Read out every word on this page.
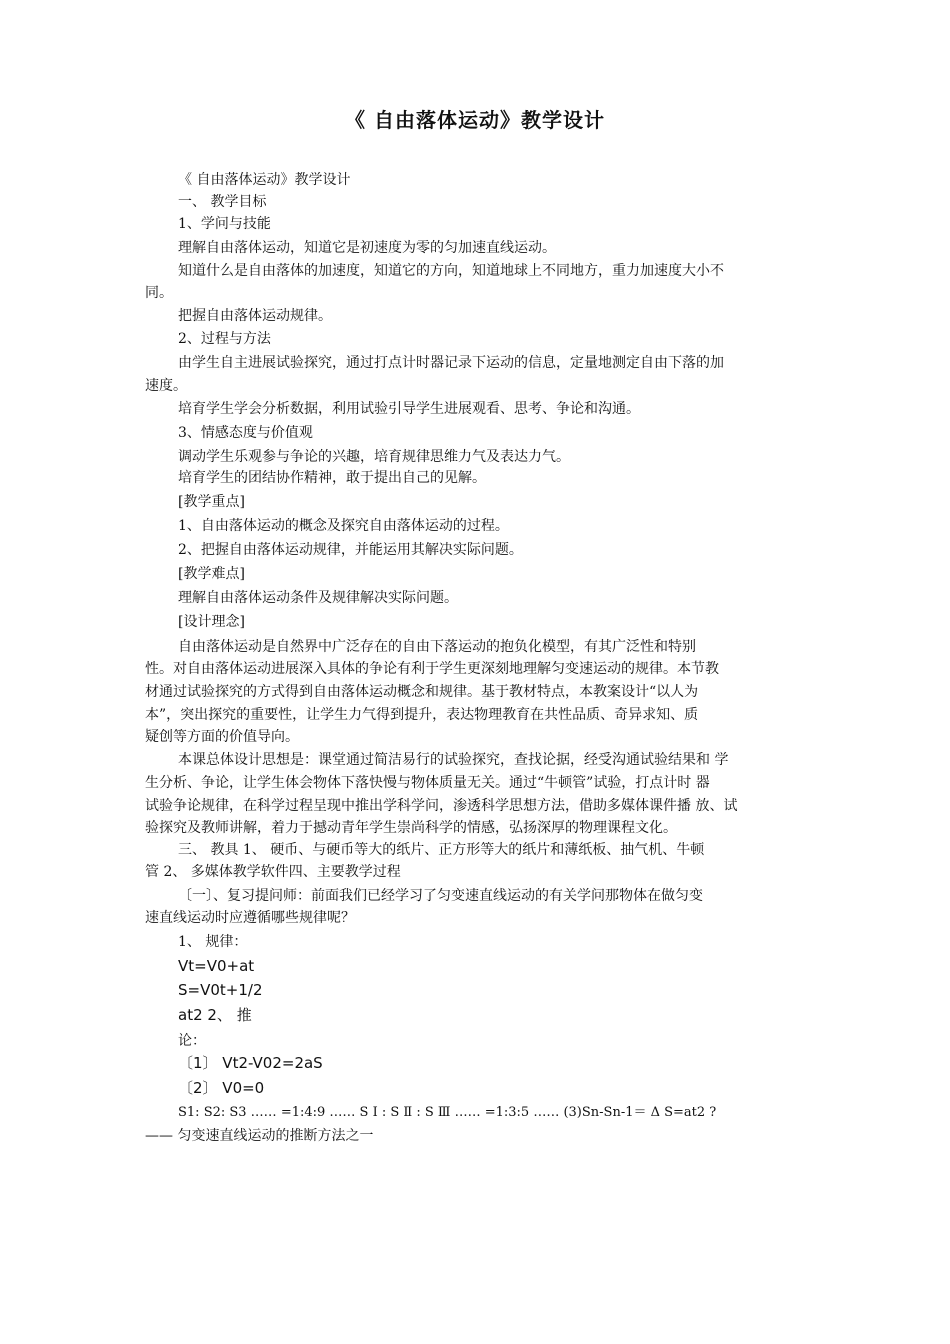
《 自由落体运动》教学设计
《 自由落体运动》教学设计
一、 教学目标
1、学问与技能
理解自由落体运动，知道它是初速度为零的匀加速直线运动。
知道什么是自由落体的加速度，知道它的方向，知道地球上不同地方，重力加速度大小不
同。
把握自由落体运动规律。
2、过程与方法
由学生自主进展试验探究，通过打点计时器记录下运动的信息，定量地测定自由下落的加
速度。
培育学生学会分析数据，利用试验引导学生进展观看、思考、争论和沟通。
3、情感态度与价值观
调动学生乐观参与争论的兴趣，培育规律思维力气及表达力气。
培育学生的团结协作精神，敢于提出自己的见解。
[教学重点]
1、自由落体运动的概念及探究自由落体运动的过程。
2、把握自由落体运动规律，并能运用其解决实际问题。
[教学难点]
理解自由落体运动条件及规律解决实际问题。
[设计理念]
自由落体运动是自然界中广泛存在的自由下落运动的抱负化模型，有其广泛性和特别
性。对自由落体运动进展深入具体的争论有利于学生更深刻地理解匀变速运动的规律。本节教
材通过试验探究的方式得到自由落体运动概念和规律。基于教材特点，本教案设计“以人为
本”，突出探究的重要性，让学生力气得到提升，表达物理教育在共性品质、奇异求知、质
疑创等方面的价值导向。
本课总体设计思想是：课堂通过简洁易行的试验探究，查找论据，经受沟通试验结果和 学
生分析、争论，让学生体会物体下落快慢与物体质量无关。通过“牛顿管”试验，打点计时 器
试验争论规律，在科学过程呈现中推出学科学问，渗透科学思想方法，借助多媒体课件播 放、试
验探究及教师讲解，着力于撼动青年学生崇尚科学的情感，弘扬深厚的物理课程文化。
三、 教具 1、 硬币、与硬币等大的纸片、正方形等大的纸片和薄纸板、抽气机、牛顿
管 2、 多媒体教学软件四、主要教学过程
〔一〕、复习提问师：前面我们已经学习了匀变速直线运动的有关学问那物体在做匀变
速直线运动时应遵循哪些规律呢？
1、 规律：
Vt=V0+at
S=V0t+1/2
at2 2、 推
论：
〔1〕 Vt2-V02=2aS
〔2〕 V0=0
S1: S2: S3 …… =1:4:9 …… S Ⅰ : S Ⅱ : S Ⅲ …… =1:3:5 …… (3)Sn-Sn-1＝ Δ S=at2 ?
—— 匀变速直线运动的推断方法之一
